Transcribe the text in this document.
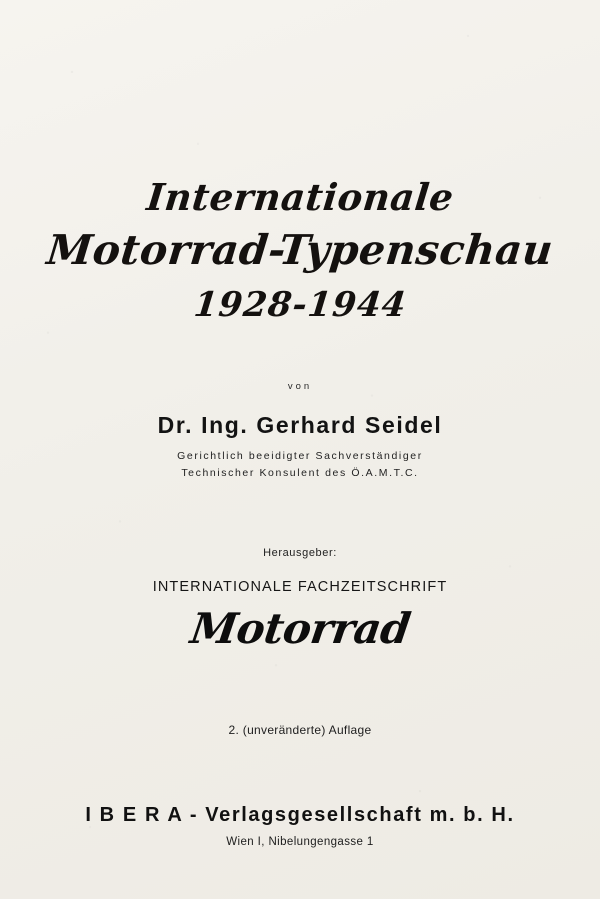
Internationale
Motorrad-Typenschau
1928-1944
von
Dr. Ing. Gerhard Seidel
Gerichtlich beeidigter Sachverständiger
Technischer Konsulent des Ö.A.M.T.C.
Herausgeber:
INTERNATIONALE FACHZEITSCHRIFT
Motorrad
2. (unveränderte) Auflage
I B E R A - Verlagsgesellschaft m. b. H.
Wien I, Nibelungengasse 1
